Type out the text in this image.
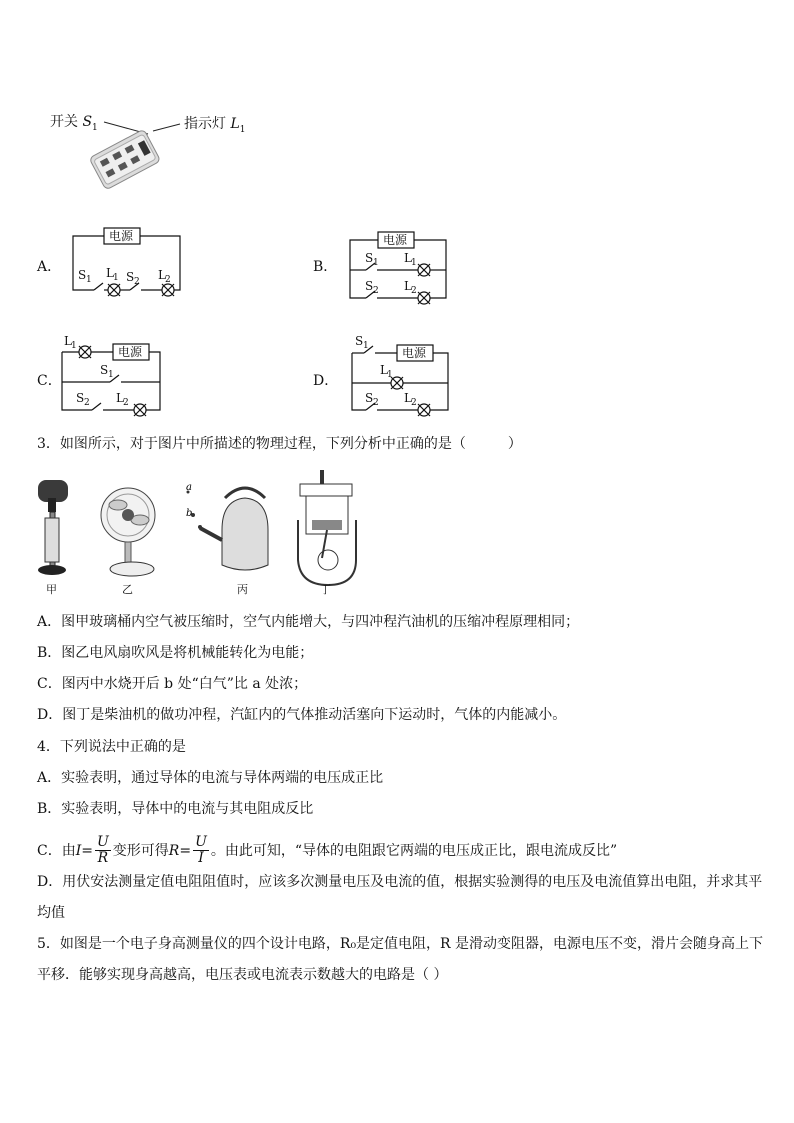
开关 $S_1$	指示灯 $L_1$
A．	B．
C．	D．
电源	电源
电源	电源
S 1 L 1 S 2 L 2
S 1 L 1
S 2 L 2
L 1
S 1
S 2 L 2
S 1
L 1
S 2 L 2
3．如图所示，对于图片中所描述的物理过程，下列分析中正确的是（　　　）
a
b
甲	乙	丙	丁
A．图甲玻璃桶内空气被压缩时，空气内能增大，与四冲程汽油机的压缩冲程原理相同；
B．图乙电风扇吹风是将机械能转化为电能；
C．图丙中水烧开后 b 处“白气”比 a 处浓；
D．图丁是柴油机的做功冲程，汽缸内的气体推动活塞向下运动时，气体的内能减小。
4．下列说法中正确的是
A．实验表明，通过导体的电流与导体两端的电压成正比
B．实验表明，导体中的电流与其电阻成反比
C．由 $I = \frac{U}{R}$ 变形可得 $R = \frac{U}{I}$ 。由此可知，“导体的电阻跟它两端的电压成正比，跟电流成反比”
D．用伏安法测量定值电阻阻值时，应该多次测量电压及电流的值，根据实验测得的电压及电流值算出电阻，并求其平
均值
5．如图是一个电子身高测量仪的四个设计电路，R₀是定值电阻，R 是滑动变阻器，电源电压不变，滑片会随身高上下
平移．能够实现身高越高，电压表或电流表示数越大的电路是（ ）
